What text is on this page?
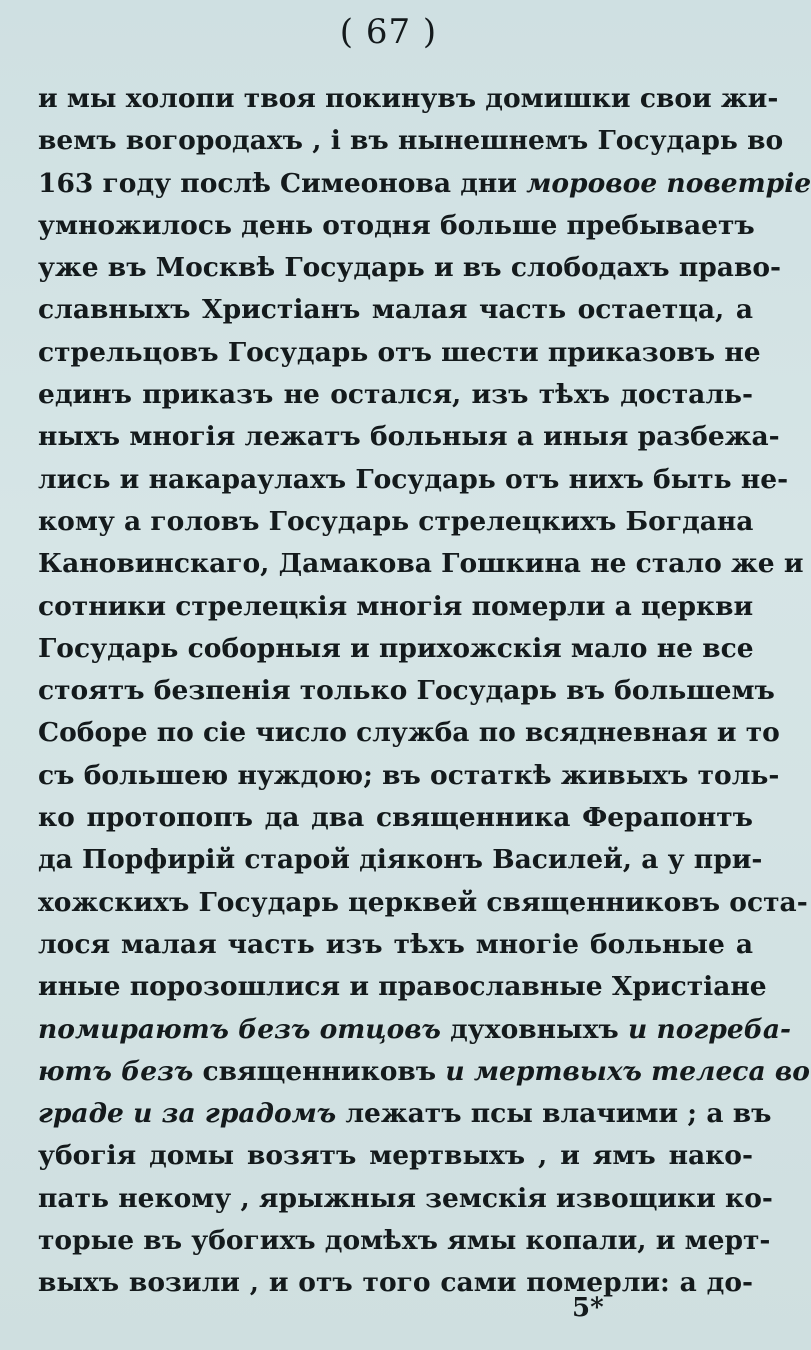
( 67 )
и мы холопи твоя покинувъ домишки свои жи-
вемъ вогородахъ , і въ нынешнемъ Государь во
163 году послѣ Симеонова дни моровое поветріе
умножилось день отодня больше пребываетъ
уже въ Москвѣ Государь и въ слободахъ право-
славныхъ Христіанъ малая часть остаетца, а
стрельцовъ Государь отъ шести приказовъ не
единъ приказъ не остался, изъ тѣхъ досталь-
ныхъ многія лежатъ больныя а иныя разбежа-
лись и накараулахъ Государь отъ нихъ быть не-
кому а головъ Государь стрелецкихъ Богдана
Кановинскаго, Дамакова Гошкина не стало же и
сотники стрелецкія многія померли а церкви
Государь соборныя и прихожскія мало не все
стоятъ безпенія только Государь въ большемъ
Соборе по сіе число служба по всядневная и то
съ большею нуждою; въ остаткѣ живыхъ толь-
ко протопопъ да два священника Ферапонтъ
да Порфирій старой діяконъ Василей, а у при-
хожскихъ Государь церквей священниковъ оста-
лося малая часть изъ тѣхъ многіе больные а
иные порозошлися и православные Христіане
помираютъ безъ отцовъ духовныхъ и погреба-
ютъ безъ священниковъ и мертвыхъ телеса во
граде и за градомъ лежатъ псы влачими ; а въ
убогія домы возятъ мертвыхъ , и ямъ нако-
пать некому , ярыжныя земскія извощики ко-
торые въ убогихъ домѣхъ ямы копали, и мерт-
выхъ возили , и отъ того сами померли: а до-
5*
